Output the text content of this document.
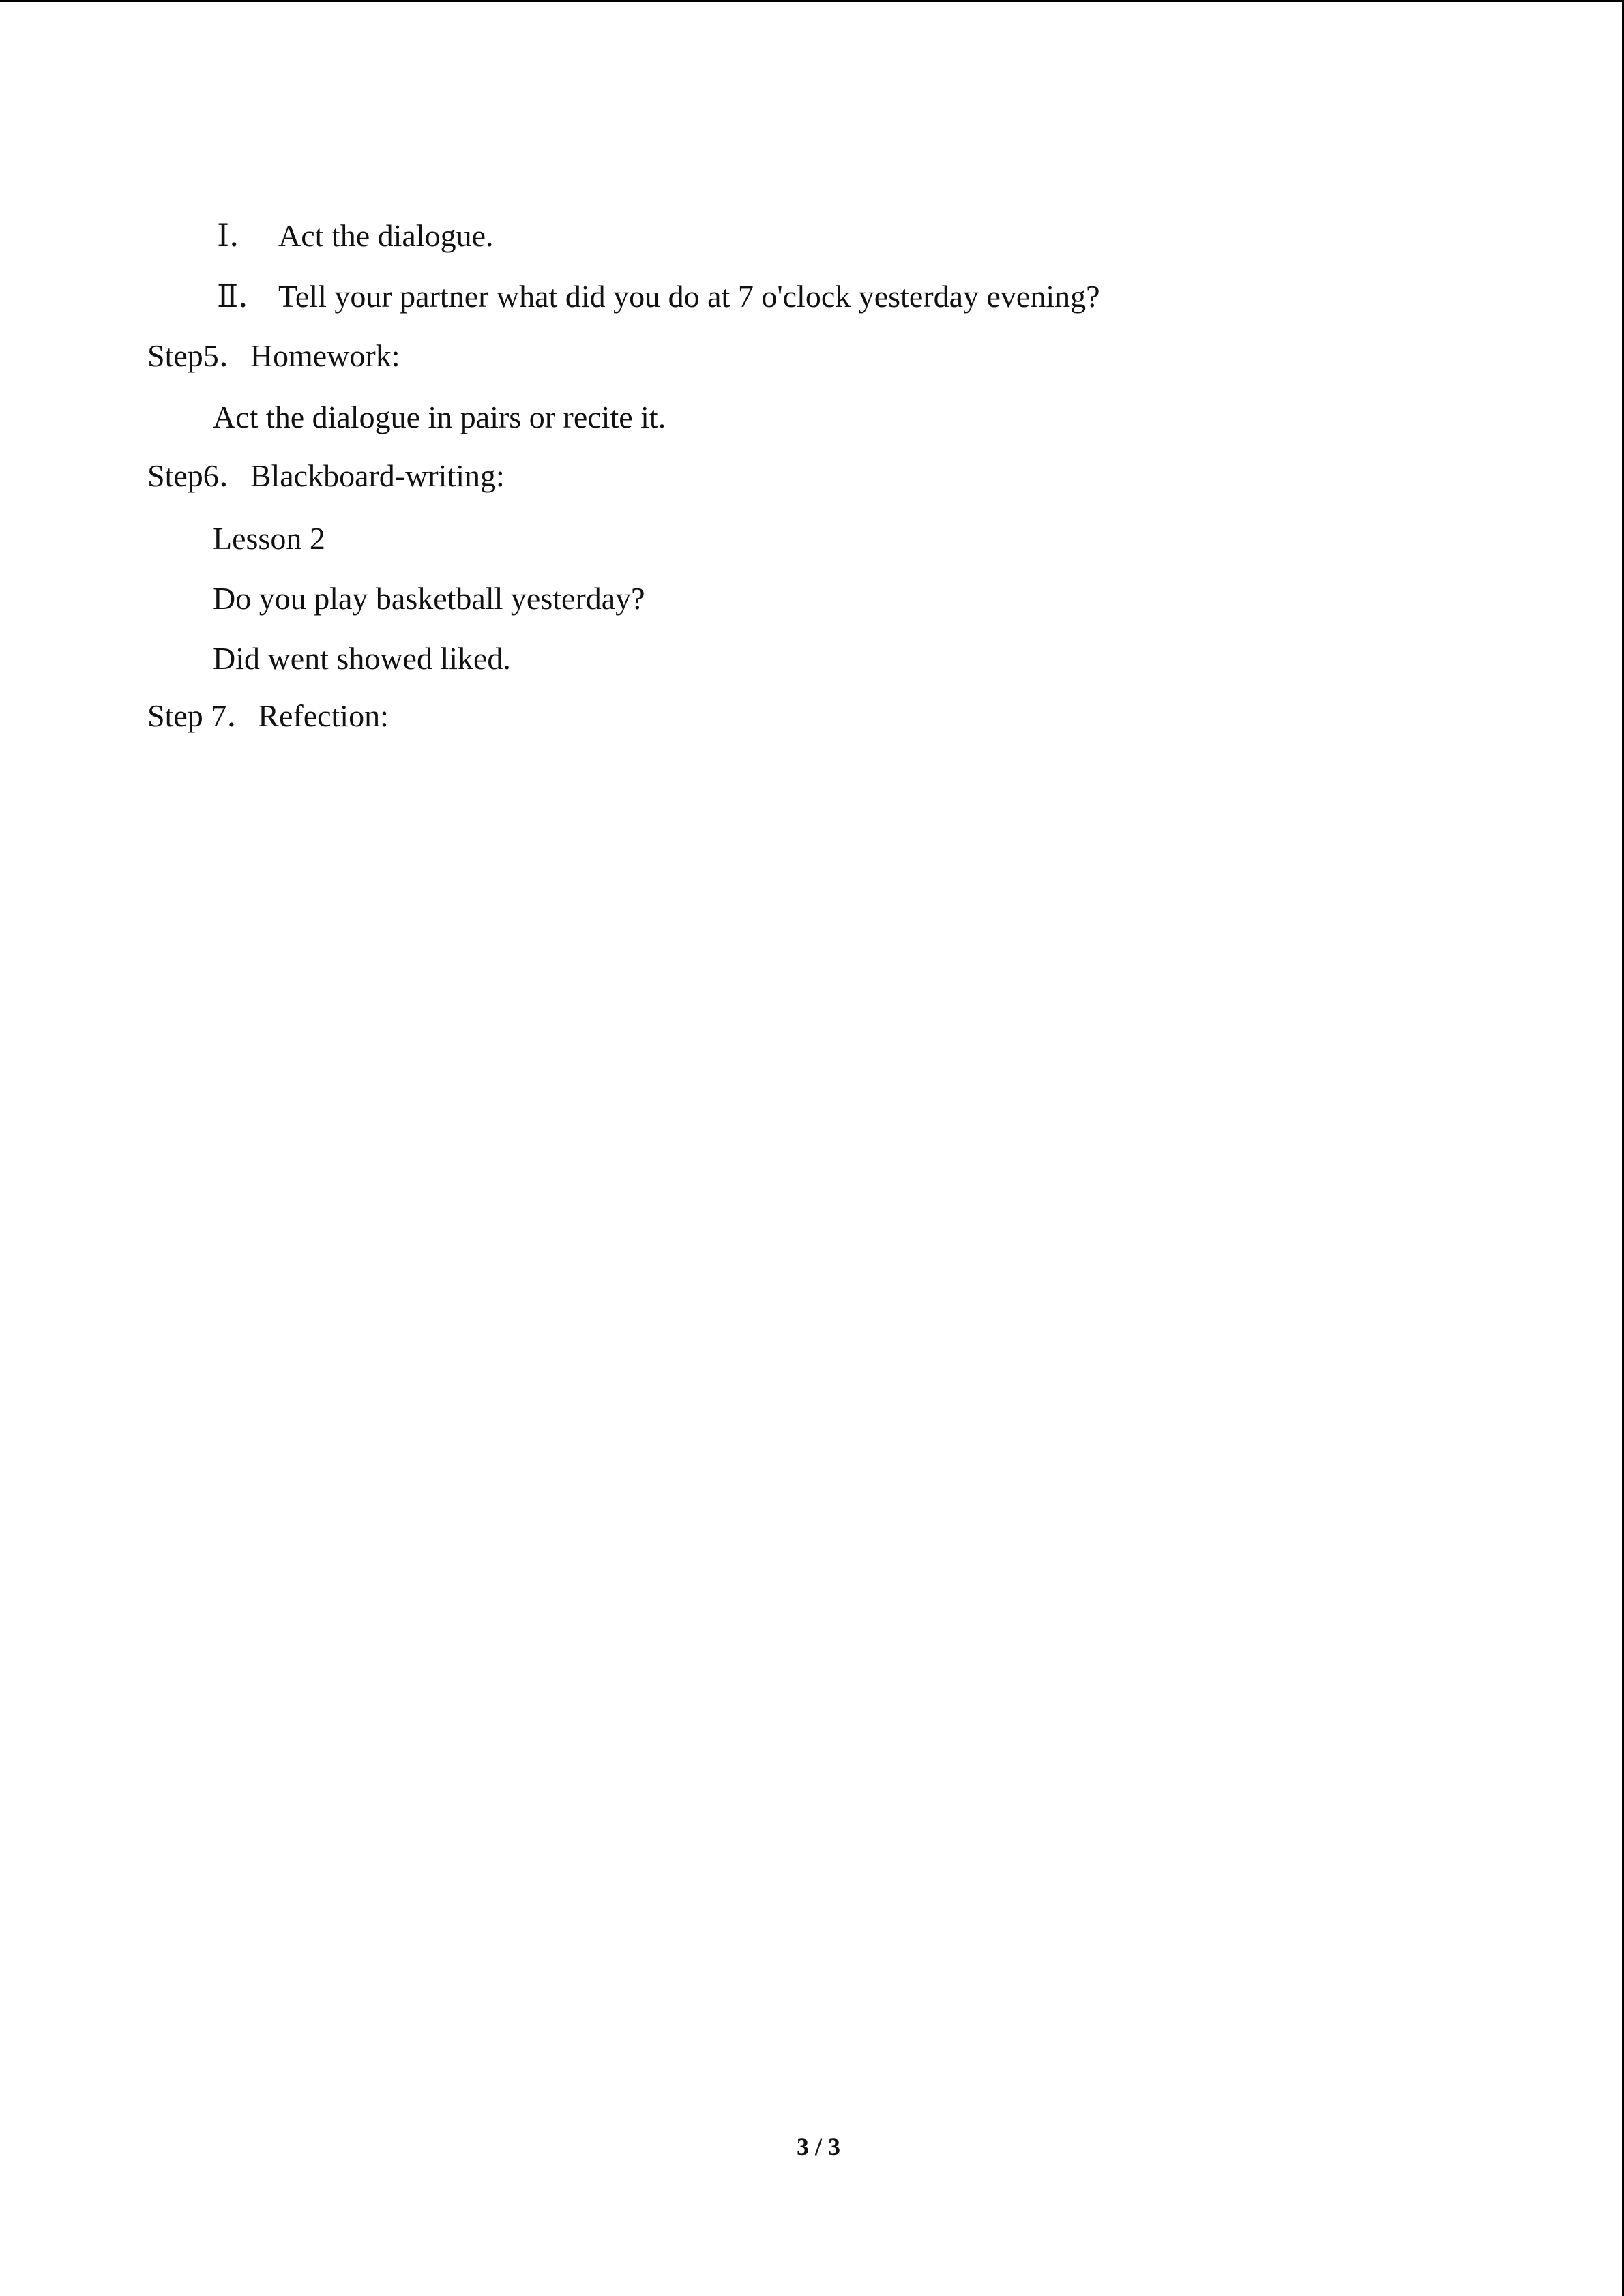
Ⅰ． Act the dialogue.
Ⅱ． Tell your partner what did you do at 7 o'clock yesterday evening?
Step5．Homework:
Act the dialogue in pairs or recite it.
Step6．Blackboard-writing:
Lesson 2
Do you play basketball yesterday?
Did went showed liked.
Step 7．Refection:
3 / 3
